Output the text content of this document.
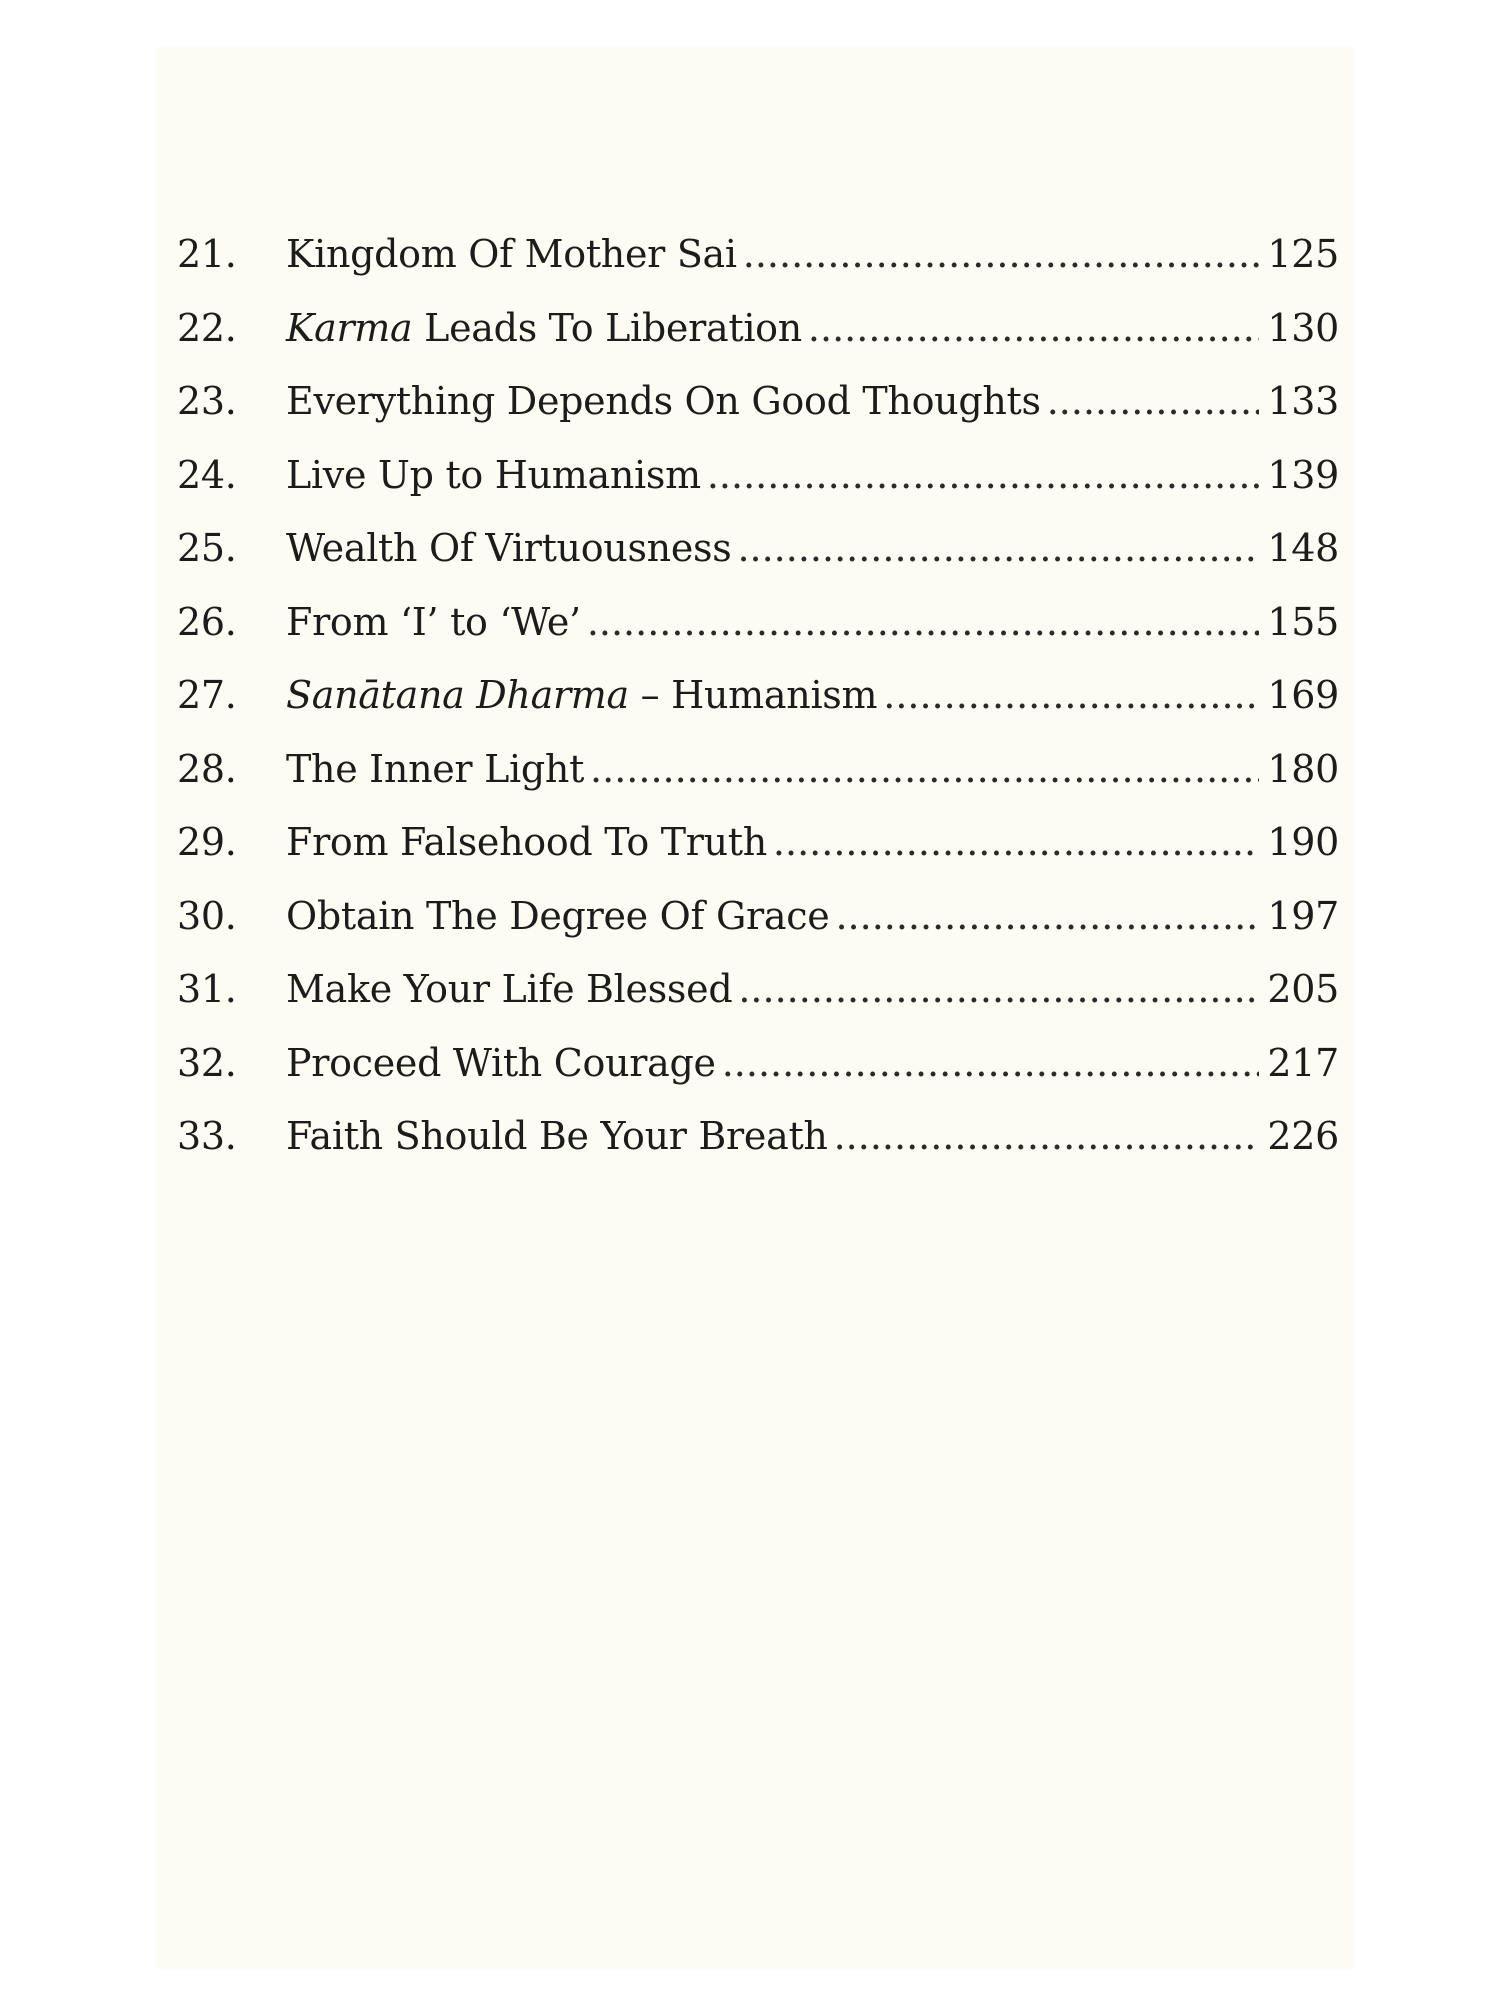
21.	Kingdom Of Mother Sai .....	125
22.	Karma Leads To Liberation .....	130
23.	Everything Depends On Good Thoughts .....	133
24.	Live Up to Humanism .....	139
25.	Wealth Of Virtuousness .....	148
26.	From ‘I’ to ‘We’ .....	155
27.	Sanātana Dharma – Humanism .....	169
28.	The Inner Light .....	180
29.	From Falsehood To Truth .....	190
30.	Obtain The Degree Of Grace .....	197
31.	Make Your Life Blessed .....	205
32.	Proceed With Courage .....	217
33.	Faith Should Be Your Breath .....	226
